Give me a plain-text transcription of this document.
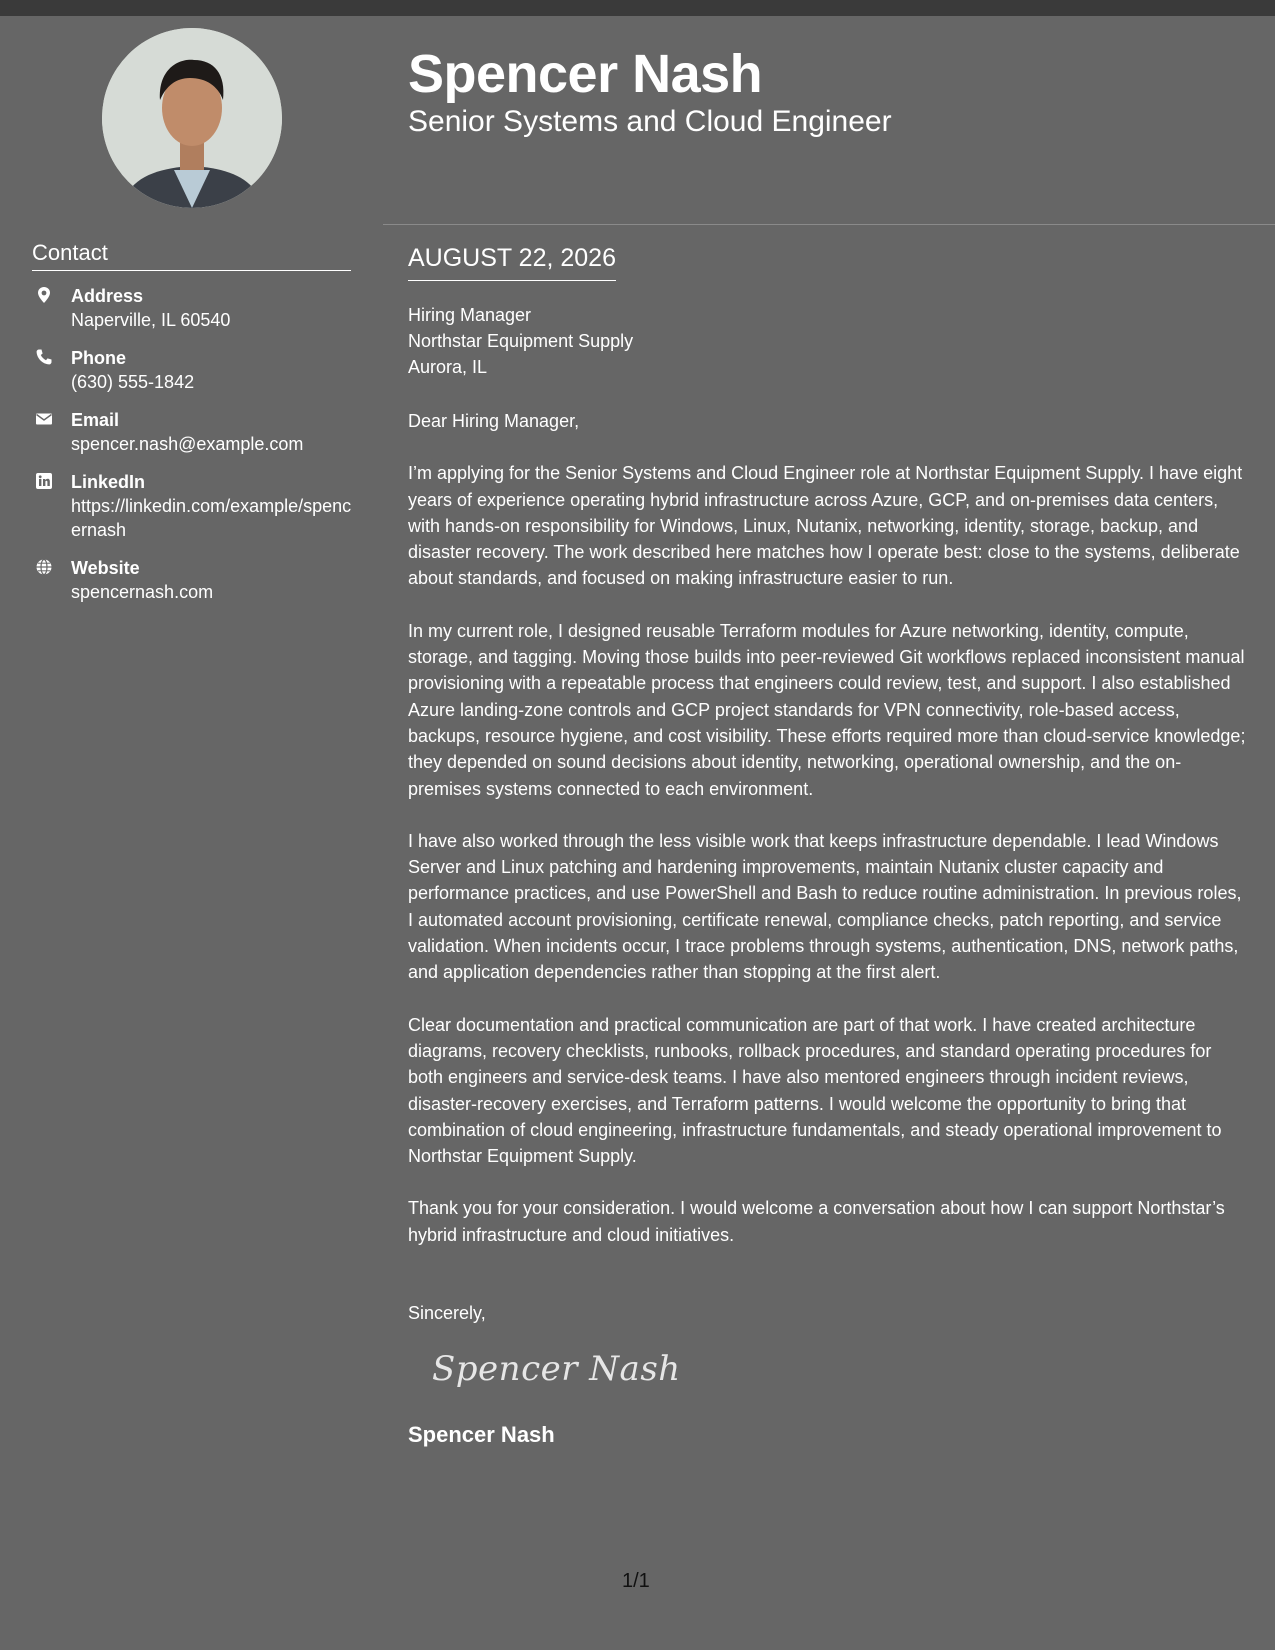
Spencer Nash
Senior Systems and Cloud Engineer
Contact
Address
Naperville, IL 60540
Phone
(630) 555-1842
Email
spencer.nash@example.com
LinkedIn
https://linkedin.com/example/spencernash
Website
spencernash.com
AUGUST 22, 2026
Hiring Manager
Northstar Equipment Supply
Aurora, IL
Dear Hiring Manager,
I’m applying for the Senior Systems and Cloud Engineer role at Northstar Equipment Supply. I have eight years of experience operating hybrid infrastructure across Azure, GCP, and on-premises data centers, with hands-on responsibility for Windows, Linux, Nutanix, networking, identity, storage, backup, and disaster recovery. The work described here matches how I operate best: close to the systems, deliberate about standards, and focused on making infrastructure easier to run.
In my current role, I designed reusable Terraform modules for Azure networking, identity, compute, storage, and tagging. Moving those builds into peer-reviewed Git workflows replaced inconsistent manual provisioning with a repeatable process that engineers could review, test, and support. I also established Azure landing-zone controls and GCP project standards for VPN connectivity, role-based access, backups, resource hygiene, and cost visibility. These efforts required more than cloud-service knowledge; they depended on sound decisions about identity, networking, operational ownership, and the on-premises systems connected to each environment.
I have also worked through the less visible work that keeps infrastructure dependable. I lead Windows Server and Linux patching and hardening improvements, maintain Nutanix cluster capacity and performance practices, and use PowerShell and Bash to reduce routine administration. In previous roles, I automated account provisioning, certificate renewal, compliance checks, patch reporting, and service validation. When incidents occur, I trace problems through systems, authentication, DNS, network paths, and application dependencies rather than stopping at the first alert.
Clear documentation and practical communication are part of that work. I have created architecture diagrams, recovery checklists, runbooks, rollback procedures, and standard operating procedures for both engineers and service-desk teams. I have also mentored engineers through incident reviews, disaster-recovery exercises, and Terraform patterns. I would welcome the opportunity to bring that combination of cloud engineering, infrastructure fundamentals, and steady operational improvement to Northstar Equipment Supply.
Thank you for your consideration. I would welcome a conversation about how I can support Northstar’s hybrid infrastructure and cloud initiatives.
Sincerely,
Spencer Nash
Spencer Nash
1/1
